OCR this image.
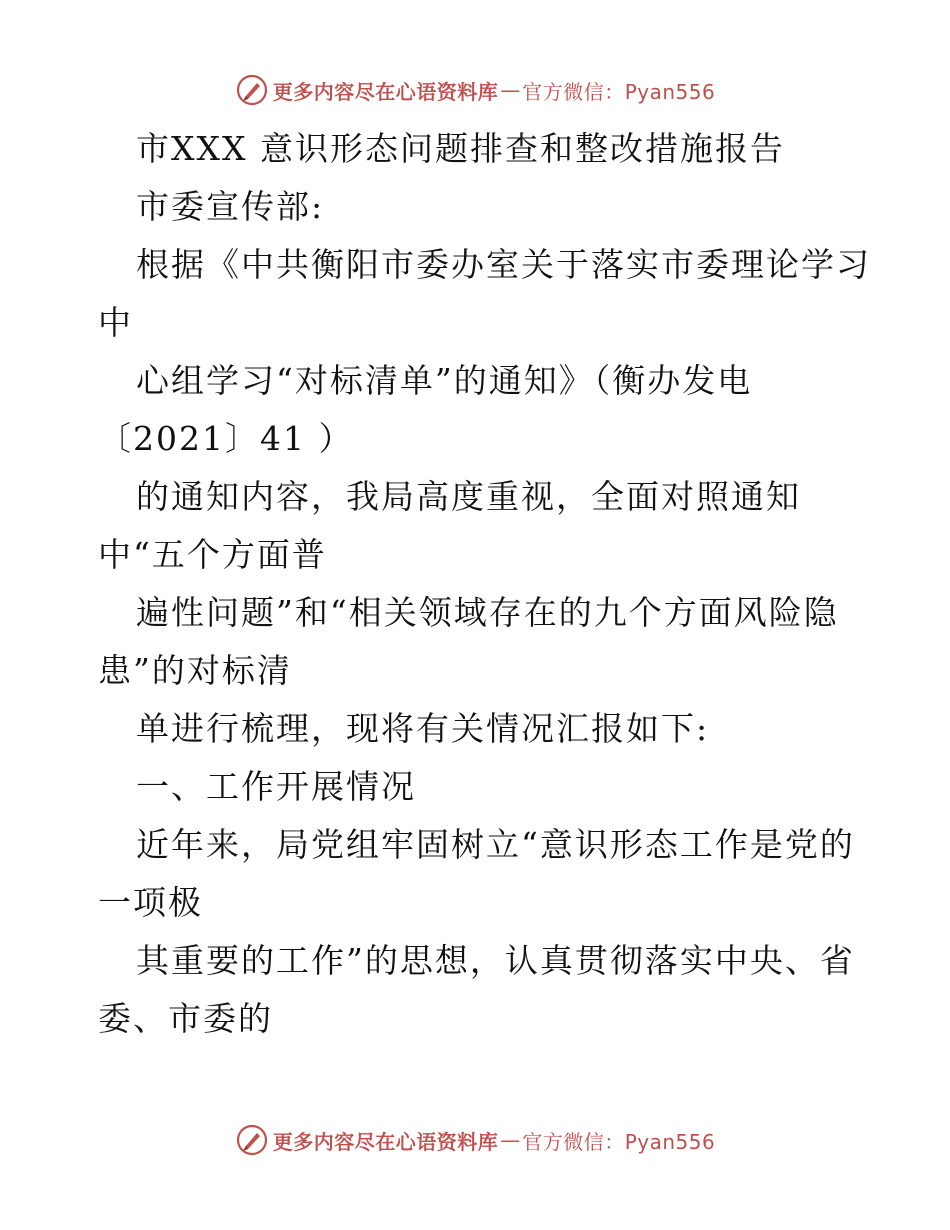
更多内容尽在心语资料库 — 官方微信：Pyan556
市XXX 意识形态问题排查和整改措施报告
市委宣传部:
根据《中共衡阳市委办室关于落实市委理论学习
中
心组学习“对标清单”的通知》（衡办发电
〔2021〕41 ）
的通知内容，我局高度重视，全面对照通知
中“五个方面普
遍性问题”和“相关领域存在的九个方面风险隐
患”的对标清
单进行梳理，现将有关情况汇报如下:
一、工作开展情况
近年来，局党组牢固树立“意识形态工作是党的
一项极
其重要的工作”的思想，认真贯彻落实中央、省
委、市委的
更多内容尽在心语资料库 — 官方微信：Pyan556
